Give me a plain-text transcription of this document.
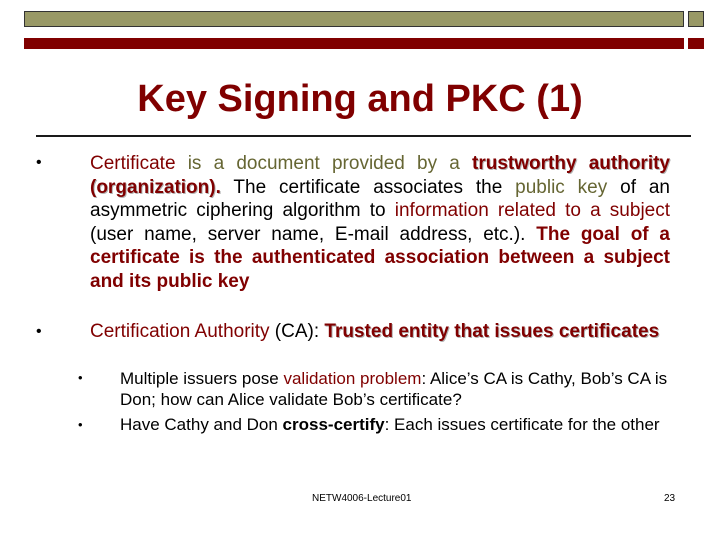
Key Signing and PKC (1)
•	Certificate is a document provided by a trustworthy authority (organization). The certificate associates the public key of an asymmetric ciphering algorithm to information related to a subject (user name, server name, E-mail address, etc.). The goal of a certificate is the authenticated association between a subject and its public key
•	Certification Authority (CA): Trusted entity that issues certificates
• Multiple issuers pose validation problem: Alice’s CA is Cathy, Bob’s CA is Don; how can Alice validate Bob’s certificate?
• Have Cathy and Don cross-certify: Each issues certificate for the other
NETW4006-Lecture01	23
